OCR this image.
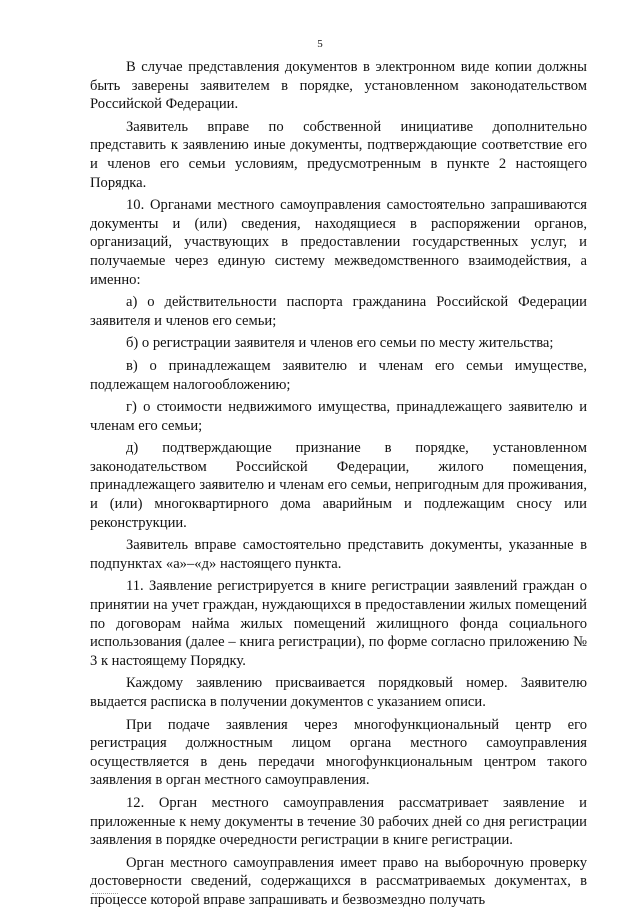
5

В случае представления документов в электронном виде копии должны быть заверены заявителем в порядке, установленном законодательством Российской Федерации.

Заявитель вправе по собственной инициативе дополнительно представить к заявлению иные документы, подтверждающие соответствие его и членов его семьи условиям, предусмотренным в пункте 2 настоящего Порядка.

10. Органами местного самоуправления самостоятельно запрашиваются документы и (или) сведения, находящиеся в распоряжении органов, организаций, участвующих в предоставлении государственных услуг, и получаемые через единую систему межведомственного взаимодействия, а именно:

а) о действительности паспорта гражданина Российской Федерации заявителя и членов его семьи;

б) о регистрации заявителя и членов его семьи по месту жительства;

в) о принадлежащем заявителю и членам его семьи имуществе, подлежащем налогообложению;

г) о стоимости недвижимого имущества, принадлежащего заявителю и членам его семьи;

д) подтверждающие признание в порядке, установленном законодательством Российской Федерации, жилого помещения, принадлежащего заявителю и членам его семьи, непригодным для проживания, и (или) многоквартирного дома аварийным и подлежащим сносу или реконструкции.

Заявитель вправе самостоятельно представить документы, указанные в подпунктах «а»–«д» настоящего пункта.

11. Заявление регистрируется в книге регистрации заявлений граждан о принятии на учет граждан, нуждающихся в предоставлении жилых помещений по договорам найма жилых помещений жилищного фонда социального использования (далее – книга регистрации), по форме согласно приложению № 3 к настоящему Порядку.

Каждому заявлению присваивается порядковый номер. Заявителю выдается расписка в получении документов с указанием описи.

При подаче заявления через многофункциональный центр его регистрация должностным лицом органа местного самоуправления осуществляется в день передачи многофункциональным центром такого заявления в орган местного самоуправления.

12. Орган местного самоуправления рассматривает заявление и приложенные к нему документы в течение 30 рабочих дней со дня регистрации заявления в порядке очередности регистрации в книге регистрации.

Орган местного самоуправления имеет право на выборочную проверку достоверности сведений, содержащихся в рассматриваемых документах, в процессе которой вправе запрашивать и безвозмездно получать
